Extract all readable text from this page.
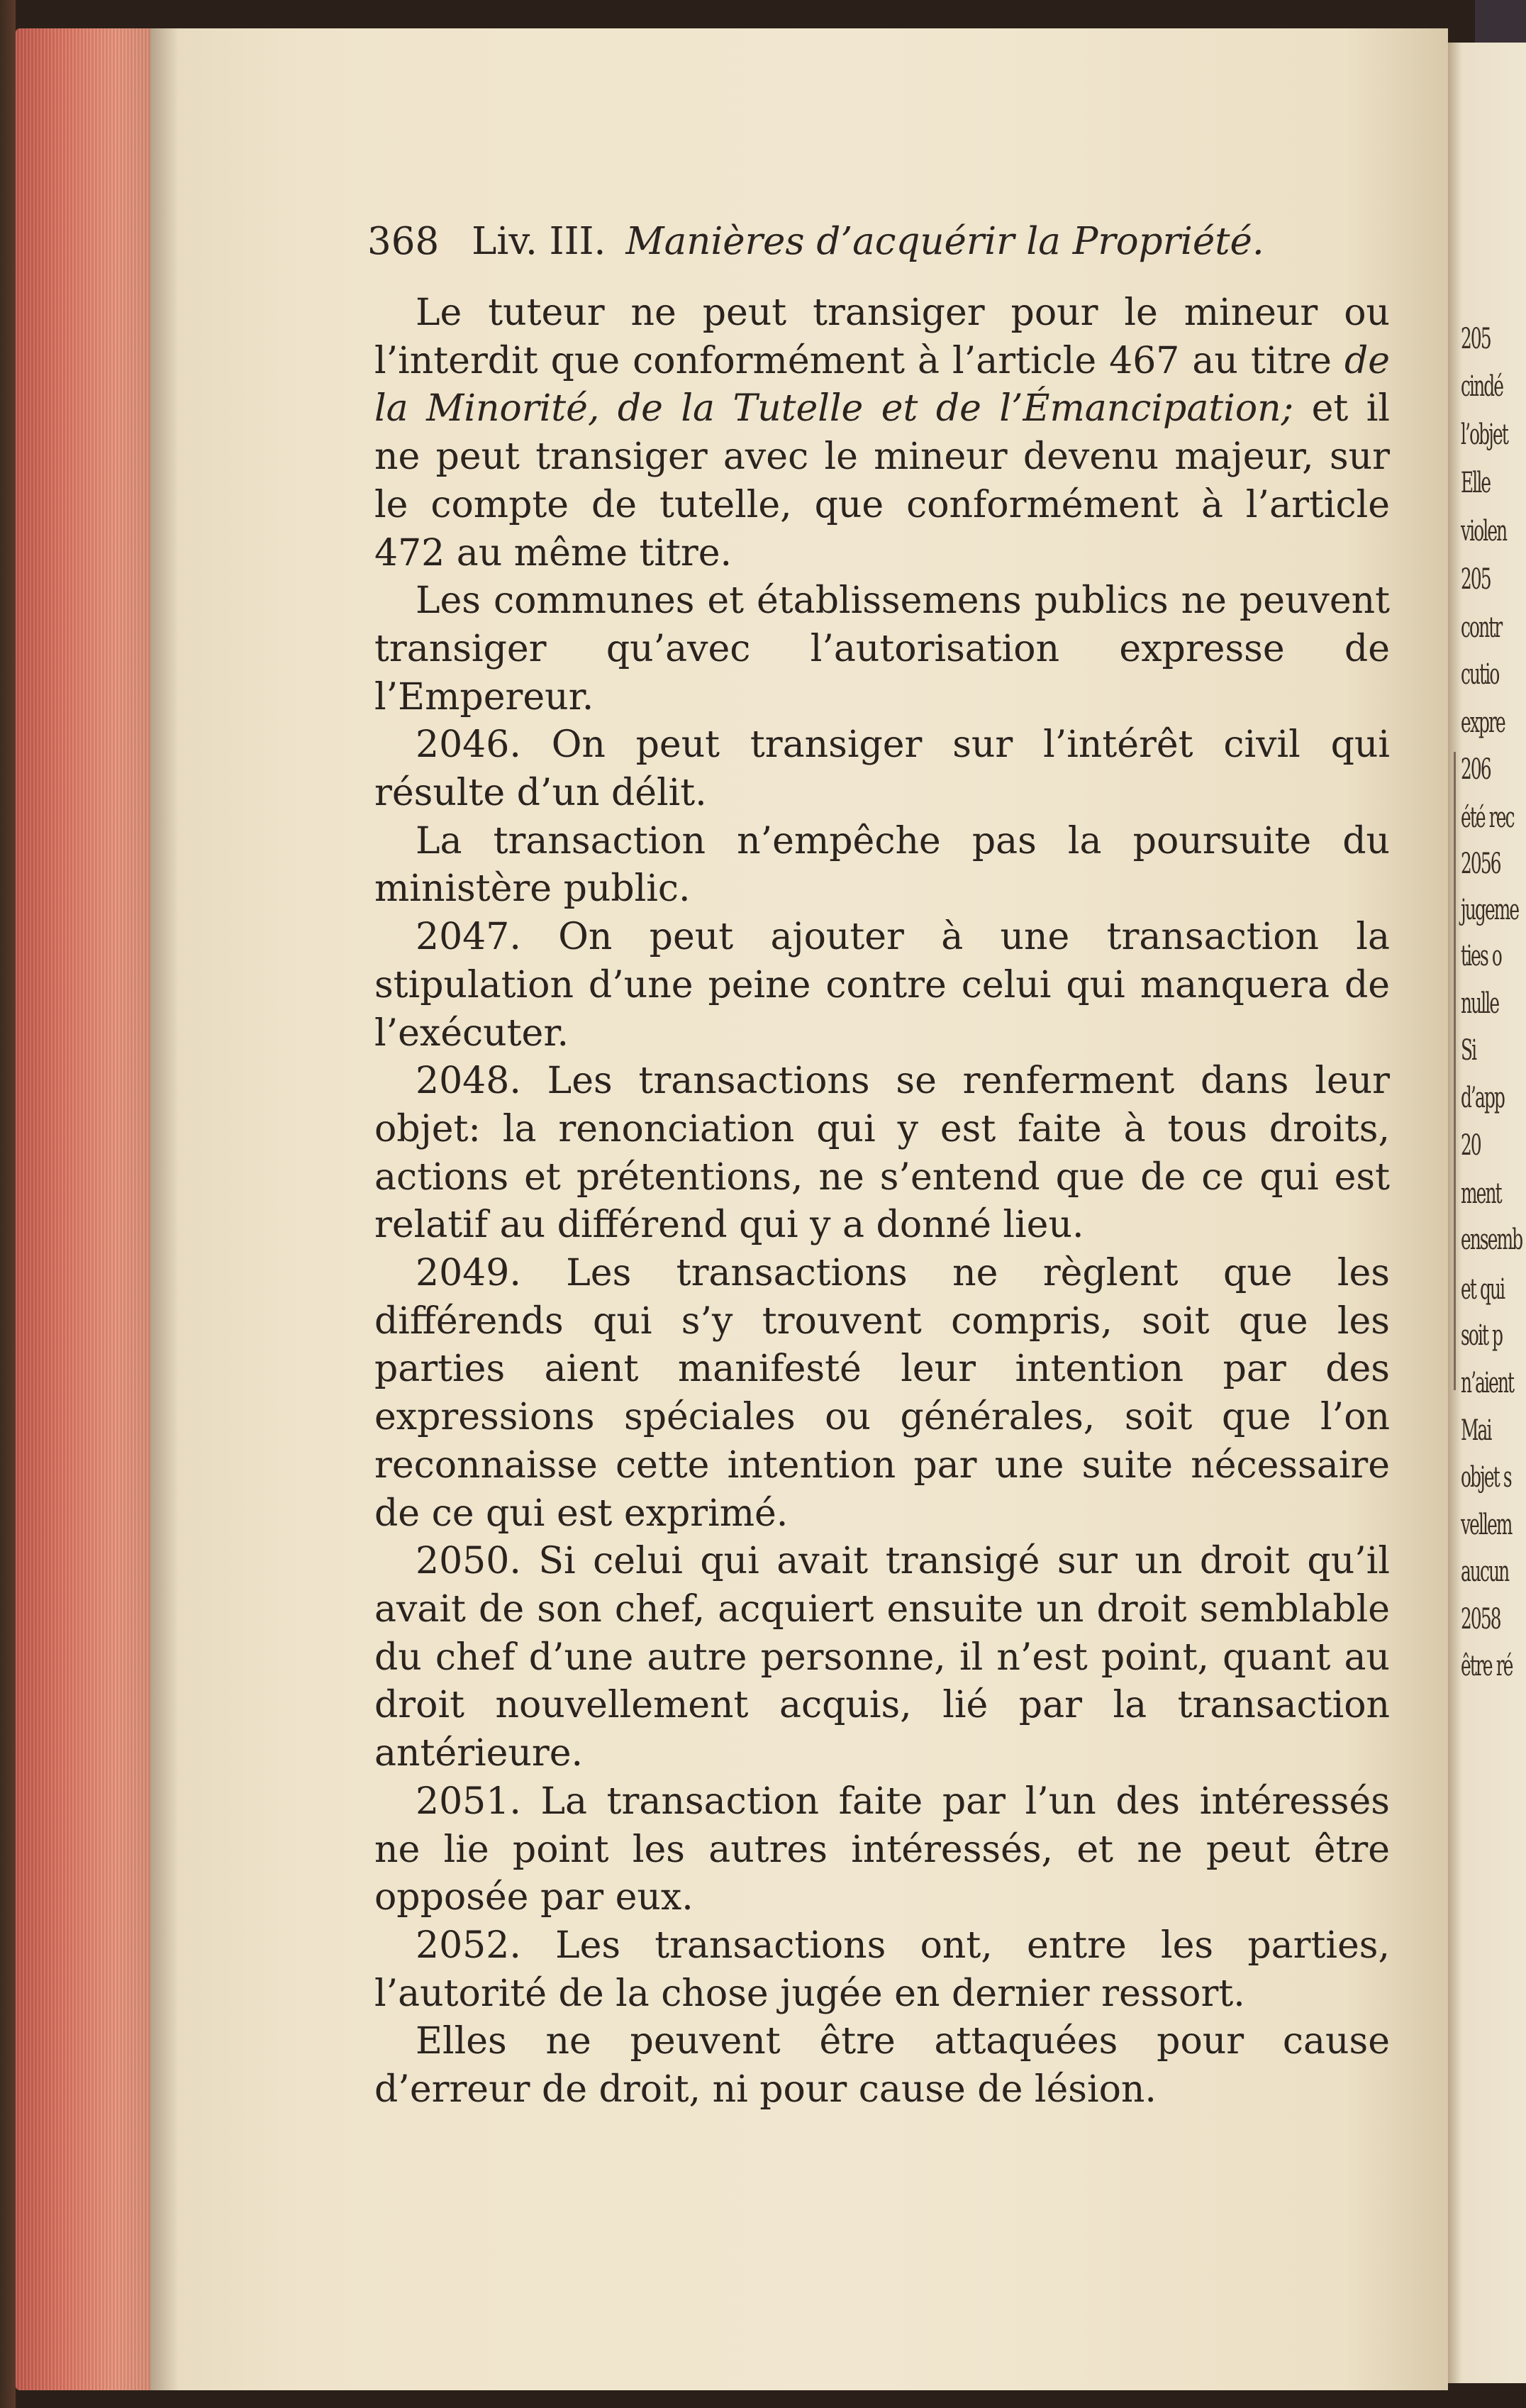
368 Liv. III. Manières d’acquérir la Propriété.

Le tuteur ne peut transiger pour le mineur ou l’interdit que conformément à l’article 467 au titre de la Minorité, de la Tutelle et de l’Émancipation; et il ne peut transiger avec le mineur devenu majeur, sur le compte de tutelle, que conformément à l’article 472 au même titre.

Les communes et établissemens publics ne peuvent transiger qu’avec l’autorisation expresse de l’Empereur.

2046. On peut transiger sur l’intérêt civil qui résulte d’un délit.

La transaction n’empêche pas la poursuite du ministère public.

2047. On peut ajouter à une transaction la stipulation d’une peine contre celui qui manquera de l’exécuter.

2048. Les transactions se renferment dans leur objet: la renonciation qui y est faite à tous droits, actions et prétentions, ne s’entend que de ce qui est relatif au différend qui y a donné lieu.

2049. Les transactions ne règlent que les différends qui s’y trouvent compris, soit que les parties aient manifesté leur intention par des expressions spéciales ou générales, soit que l’on reconnaisse cette intention par une suite nécessaire de ce qui est exprimé.

2050. Si celui qui avait transigé sur un droit qu’il avait de son chef, acquiert ensuite un droit semblable du chef d’une autre personne, il n’est point, quant au droit nouvellement acquis, lié par la transaction antérieure.

2051. La transaction faite par l’un des intéressés ne lie point les autres intéressés, et ne peut être opposée par eux.

2052. Les transactions ont, entre les parties, l’autorité de la chose jugée en dernier ressort.

Elles ne peuvent être attaquées pour cause d’erreur de droit, ni pour cause de lésion.

205
cindé
l’objet
Elle
violen
205
contr
cutio
expre
206
été rec
2056
jugeme
ties o
nulle
Si
d’app
20
ment
ensemb
et qui
soit p
n’aient
Mai
objet s
vellem
aucun
2058
être ré
